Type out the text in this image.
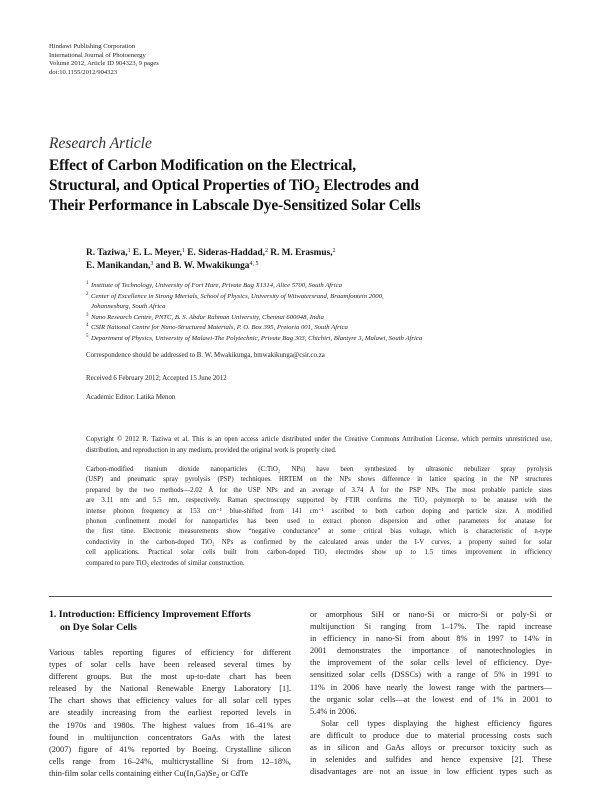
Hindawi Publishing Corporation
International Journal of Photoenergy
Volume 2012, Article ID 904323, 9 pages
doi:10.1155/2012/904323
Research Article
Effect of Carbon Modification on the Electrical,
Structural, and Optical Properties of TiO$_2$ Electrodes and
Their Performance in Labscale Dye-Sensitized Solar Cells
R. Taziwa,$^1$ E. L. Meyer,$^1$ E. Sideras-Haddad,$^2$ R. M. Erasmus,$^2$
E. Manikandan,$^3$ and B. W. Mwakikunga$^{4, 5}$
1 Institute of Technology, University of Fort Hare, Private Bag X1314, Alice 5700, South Africa
2 Center of Excellence in Strong Mterials, School of Physics, University of Witwatersrand, Braamfontein 2000,
Johannesburg, South Africa
3 Nano Research Centre, PNTC, B. S. Abdur Rahman University, Chennai 600048, India
4 CSIR National Centre for Nano-Structured Materials, P. O. Box 395, Pretoria 001, South Africa
5 Department of Physics, University of Malawi-The Polytechnic, Private Bag 303, Chichiri, Blantyre 3, Malawi, South Africa
Correspondence should be addressed to B. W. Mwakikunga, bmwakikunga@csir.co.za
Received 6 February 2012; Accepted 15 June 2012
Academic Editor: Latika Menon
Copyright © 2012 R. Taziwa et al. This is an open access article distributed under the Creative Commons Attribution License, which permits unrestricted use, distribution, and reproduction in any medium, provided the original work is properly cited.
Carbon-modified titanium dioxide nanoparticles (C:TiO₂ NPs) have been synthesized by ultrasonic nebulizer spray pyrolysis
(USP) and pneumatic spray pyrolysis (PSP) techniques. HRTEM on the NPs shows difference in lattice spacing in the NP structures
prepared by the two methods—2.02 Å for the USP NPs and an average of 3.74 Å for the PSP NPs. The most probable particle sizes
are 3.11 nm and 5.5 nm, respectively. Raman spectroscopy supported by FTIR confirms the TiO₂ polymorph to be anatase with the
intense phonon frequency at 153 cm⁻¹ blue-shifted from 141 cm⁻¹ ascribed to both carbon doping and particle size. A modified
phonon confinement model for nanoparticles has been used to extract phonon dispersion and other parameters for anatase for
the first time. Electronic measurements show “negative conductance” at some critical bias voltage, which is characteristic of n-type
conductivity in the carbon-doped TiO₂ NPs as confirmed by the calculated areas under the I-V curves, a property suited for solar
cell applications. Practical solar cells built from carbon-doped TiO₂ electrodes show up to 1.5 times improvement in efficiency
compared to pure TiO₂ electrodes of similar construction.
1. Introduction: Efficiency Improvement Efforts
on Dye Solar Cells
Various tables reporting figures of efficiency for different
types of solar cells have been released several times by
different groups. But the most up-to-date chart has been
released by the National Renewable Energy Laboratory [1].
The chart shows that efficiency values for all solar cell types
are steadily increasing from the earliest reported levels in
the 1970s and 1980s. The highest values from 16–41% are
found in multijunction concentrators GaAs with the latest
(2007) figure of 41% reported by Boeing. Crystalline silicon
cells range from 16–24%, multicrystalline Si from 12–18%,
thin-film solar cells containing either $Cu(In,Ga)Se_2$ or CdTe
or amorphous SiH or nano-Si or micro-Si or poly-Si or
multijunction Si ranging from 1–17%. The rapid increase
in efficiency in nano-Si from about 8% in 1997 to 14% in
2001 demonstrates the importance of nanotechnologies in
the improvement of the solar cells level of efficiency. Dye-
sensitized solar cells (DSSCs) with a range of 5% in 1991 to
11% in 2006 have nearly the lowest range with the partners—
the organic solar cells—at the lowest end of 1% in 2001 to
5.4% in 2006.
Solar cell types displaying the highest efficiency figures
are difficult to produce due to material processing costs such
as in silicon and GaAs alloys or precursor toxicity such as
in selenides and sulfides and hence expensive [2]. These
disadvantages are not an issue in low efficient types such as
